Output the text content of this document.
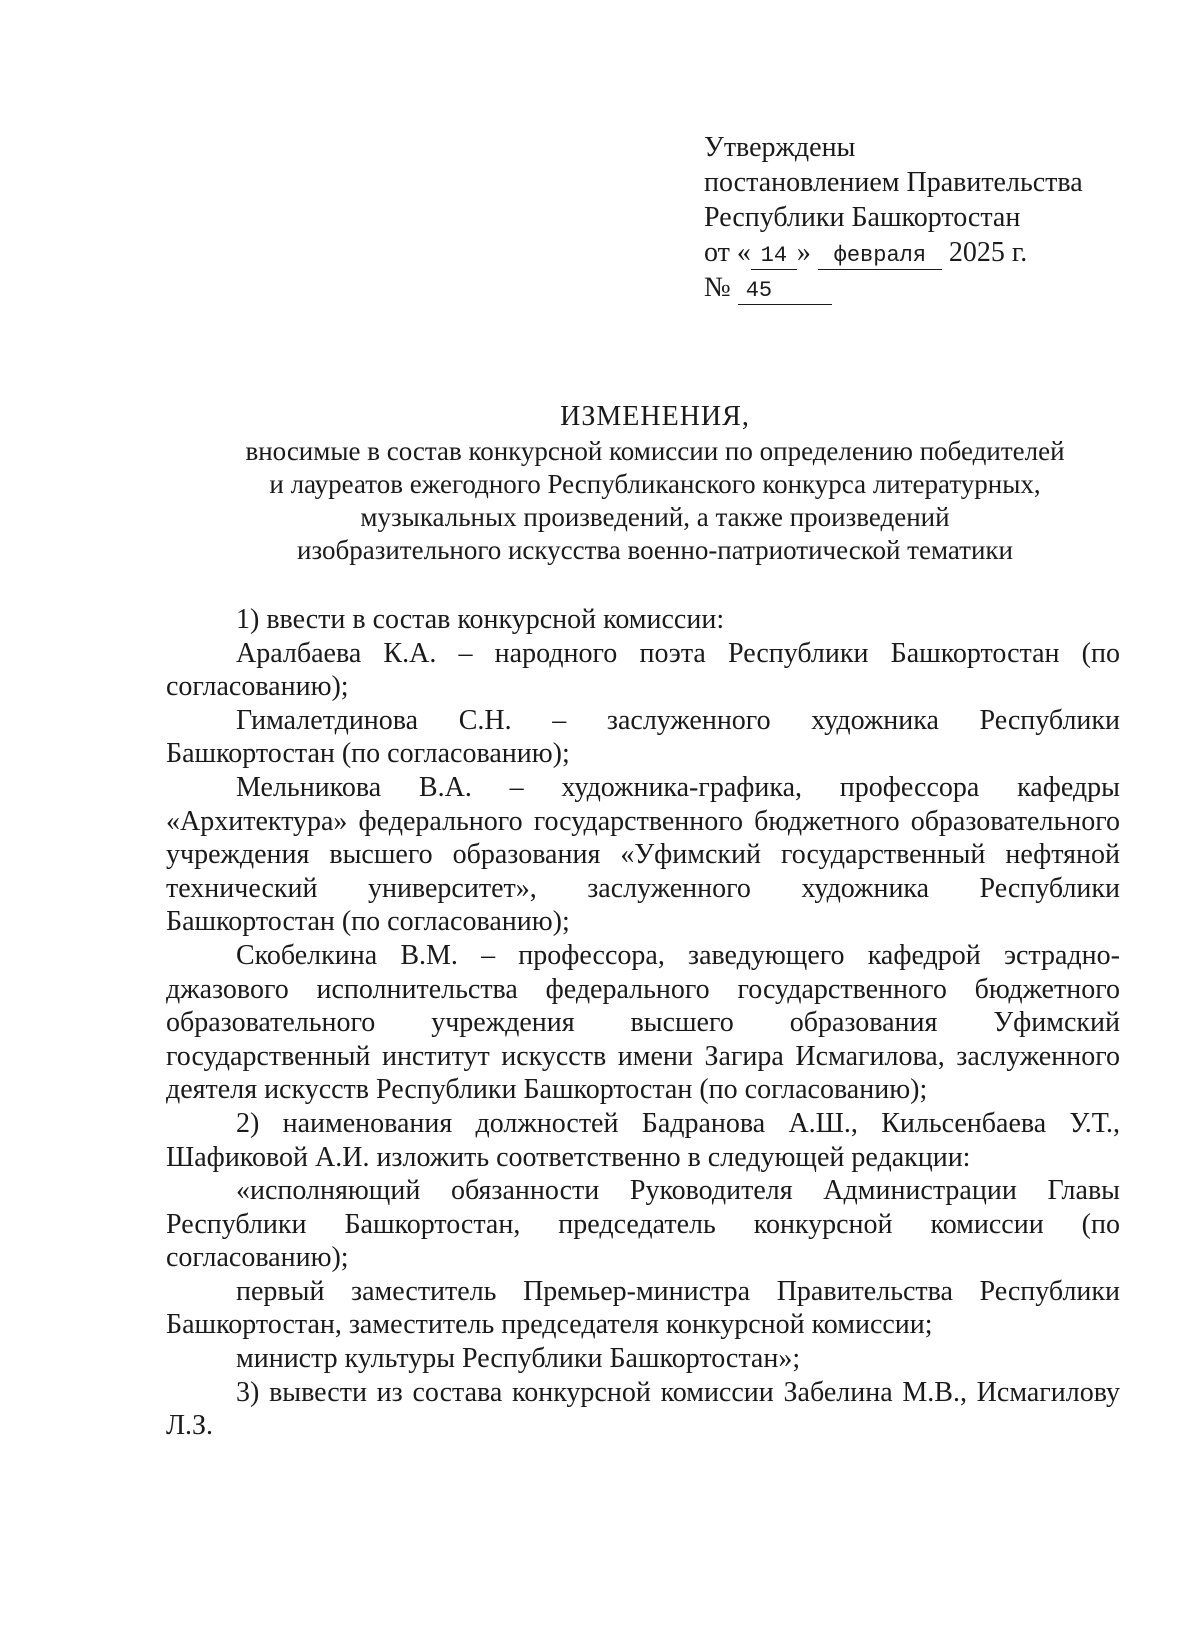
Утверждены
постановлением Правительства
Республики Башкортостан
от « 14 » февраля 2025 г.
№ 45
ИЗМЕНЕНИЯ,
вносимые в состав конкурсной комиссии по определению победителей
и лауреатов ежегодного Республиканского конкурса литературных,
музыкальных произведений, а также произведений
изобразительного искусства военно-патриотической тематики

1) ввести в состав конкурсной комиссии:

Аралбаева К.А. – народного поэта Республики Башкортостан (по согласованию);

Гималетдинова С.Н. – заслуженного художника Республики Башкортостан (по согласованию);

Мельникова В.А. – художника-графика, профессора кафедры «Архитектура» федерального государственного бюджетного образовательного учреждения высшего образования «Уфимский государственный нефтяной технический университет», заслуженного художника Республики Башкортостан (по согласованию);

Скобелкина В.М. – профессора, заведующего кафедрой эстрадно-джазового исполнительства федерального государственного бюджетного образовательного учреждения высшего образования Уфимский государственный институт искусств имени Загира Исмагилова, заслуженного деятеля искусств Республики Башкортостан (по согласованию);

2) наименования должностей Бадранова А.Ш., Кильсенбаева У.Т., Шафиковой А.И. изложить соответственно в следующей редакции:

«исполняющий обязанности Руководителя Администрации Главы Республики Башкортостан, председатель конкурсной комиссии (по согласованию);

первый заместитель Премьер-министра Правительства Республики Башкортостан, заместитель председателя конкурсной комиссии;

министр культуры Республики Башкортостан»;

3) вывести из состава конкурсной комиссии Забелина М.В., Исмагилову Л.З.
